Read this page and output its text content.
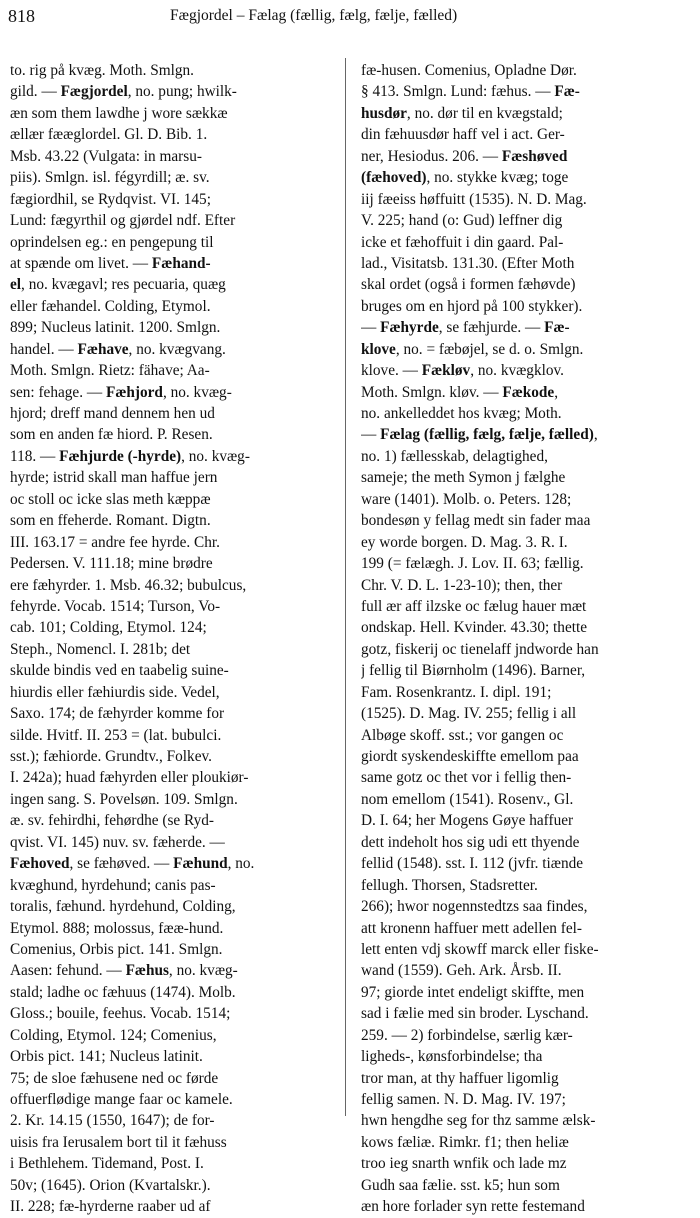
818	Fægjordel – Fælag (fællig, fælg, fælje, fælled)
to. rig på kvæg. Moth. Smlgn.
gild. — Fægjordel, no. pung; hwilk-
æn som them lawdhe j wore sækkæ
ællær fææglordel. Gl. D. Bib. 1.
Msb. 43.22 (Vulgata: in marsu-
piis). Smlgn. isl. fégyrdill; æ. sv.
fægiordhil, se Rydqvist. VI. 145;
Lund: fægyrthil og gjørdel ndf. Efter
oprindelsen eg.: en pengepung til
at spænde om livet. — Fæhand-
el, no. kvægavl; res pecuaria, quæg
eller fæhandel. Colding, Etymol.
899; Nucleus latinit. 1200. Smlgn.
handel. — Fæhave, no. kvægvang.
Moth. Smlgn. Rietz: fähave; Aa-
sen: fehage. — Fæhjord, no. kvæg-
hjord; dreff mand dennem hen ud
som en anden fæ hiord. P. Resen.
118. — Fæhjurde (-hyrde), no. kvæg-
hyrde; istrid skall man haffue jern
oc stoll oc icke slas meth kæppæ
som en ffeherde. Romant. Digtn.
III. 163.17 = andre fee hyrde. Chr.
Pedersen. V. 111.18; mine brødre
ere fæhyrder. 1. Msb. 46.32; bubulcus,
fehyrde. Vocab. 1514; Turson, Vo-
cab. 101; Colding, Etymol. 124;
Steph., Nomencl. I. 281b; det
skulde bindis ved en taabelig suine-
hiurdis eller fæhiurdis side. Vedel,
Saxo. 174; de fæhyrder komme for
silde. Hvitf. II. 253 = (lat. bubulci.
sst.); fæhiorde. Grundtv., Folkev.
I. 242a); huad fæhyrden eller ploukiør-
ingen sang. S. Povelsøn. 109. Smlgn.
æ. sv. fehirdhi, fehørdhe (se Ryd-
qvist. VI. 145) nuv. sv. fæherde. —
Fæhoved, se fæhøved. — Fæhund, no.
kvæghund, hyrdehund; canis pas-
toralis, fæhund. hyrdehund, Colding,
Etymol. 888; molossus, fææ-hund.
Comenius, Orbis pict. 141. Smlgn.
Aasen: fehund. — Fæhus, no. kvæg-
stald; ladhe oc fæhuus (1474). Molb.
Gloss.; bouile, feehus. Vocab. 1514;
Colding, Etymol. 124; Comenius,
Orbis pict. 141; Nucleus latinit.
75; de sloe fæhusene ned oc førde
offuerflødige mange faar oc kamele.
2. Kr. 14.15 (1550, 1647); de for-
uisis fra Ierusalem bort til it fæhuss
i Bethlehem. Tidemand, Post. I.
50v; (1645). Orion (Kvartalskr.).
II. 228; fæ-hyrderne raaber ud af
fæ-husen. Comenius, Opladne Dør.
§ 413. Smlgn. Lund: fæhus. — Fæ-
husdør, no. dør til en kvægstald;
din fæhuusdør haff vel i act. Ger-
ner, Hesiodus. 206. — Fæshøved
(fæhoved), no. stykke kvæg; toge
iij fæeiss høffuitt (1535). N. D. Mag.
V. 225; hand (o: Gud) leffner dig
icke et fæhoffuit i din gaard. Pal-
lad., Visitatsb. 131.30. (Efter Moth
skal ordet (også i formen fæhøvde)
bruges om en hjord på 100 stykker).
— Fæhyrde, se fæhjurde. — Fæ-
klove, no. = fæbøjel, se d. o. Smlgn.
klove. — Fækløv, no. kvægklov.
Moth. Smlgn. kløv. — Fækode,
no. ankelleddet hos kvæg; Moth.
— Fælag (fællig, fælg, fælje, fælled),
no. 1) fællesskab, delagtighed,
sameje; the meth Symon j fælghe
ware (1401). Molb. o. Peters. 128;
bondesøn y fellag medt sin fader maa
ey worde borgen. D. Mag. 3. R. I.
199 (= fælægh. J. Lov. II. 63; fællig.
Chr. V. D. L. 1-23-10); then, ther
full ær aff ilzske oc fælug hauer mæt
ondskap. Hell. Kvinder. 43.30; thette
gotz, fiskerij oc tienelaff jndworde han
j fellig til Biørnholm (1496). Barner,
Fam. Rosenkrantz. I. dipl. 191;
(1525). D. Mag. IV. 255; fellig i all
Albøge skoff. sst.; vor gangen oc
giordt syskendeskiffte emellom paa
same gotz oc thet vor i fellig then-
nom emellom (1541). Rosenv., Gl.
D. I. 64; her Mogens Gøye haffuer
dett indeholt hos sig udi ett thyende
fellid (1548). sst. I. 112 (jvfr. tiænde
fellugh. Thorsen, Stadsretter.
266); hwor nogennstedtzs saa findes,
att kronenn haffuer mett adellen fel-
lett enten vdj skowff marck eller fiske-
wand (1559). Geh. Ark. Årsb. II.
97; giorde intet endeligt skiffte, men
sad i fælie med sin broder. Lyschand.
259. — 2) forbindelse, særlig kær-
ligheds-, kønsforbindelse; tha
tror man, at thy haffuer ligomlig
fellig samen. N. D. Mag. IV. 197;
hwn hengdhe seg for thz samme ælsk-
kows fæliæ. Rimkr. f1; then heliæ
troo ieg snarth wnfik och lade mz
Gudh saa fælie. sst. k5; hun som
æn hore forlader syn rette festemand
